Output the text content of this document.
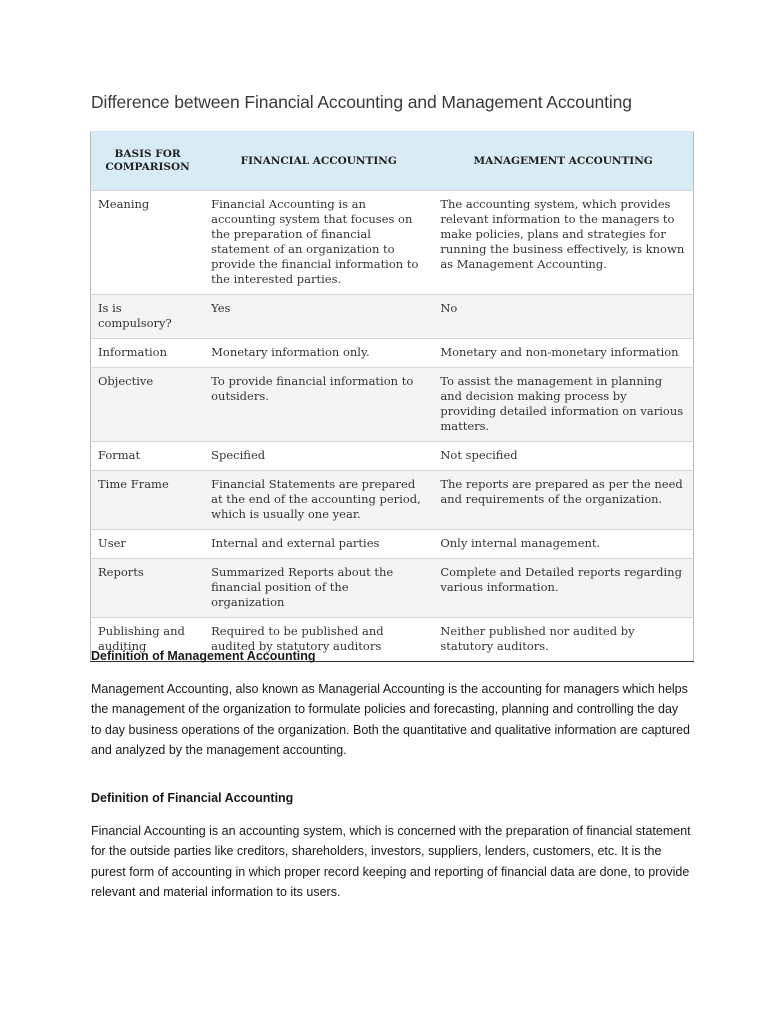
Difference between Financial Accounting and Management Accounting
BASIS FOR COMPARISON	FINANCIAL ACCOUNTING	MANAGEMENT ACCOUNTING
Meaning	Financial Accounting is an accounting system that focuses on the preparation of financial statement of an organization to provide the financial information to the interested parties.	The accounting system, which provides relevant information to the managers to make policies, plans and strategies for running the business effectively, is known as Management Accounting.
Is is compulsory?	Yes	No
Information	Monetary information only.	Monetary and non-monetary information
Objective	To provide financial information to outsiders.	To assist the management in planning and decision making process by providing detailed information on various matters.
Format	Specified	Not specified
Time Frame	Financial Statements are prepared at the end of the accounting period, which is usually one year.	The reports are prepared as per the need and requirements of the organization.
User	Internal and external parties	Only internal management.
Reports	Summarized Reports about the financial position of the organization	Complete and Detailed reports regarding various information.
Publishing and auditing	Required to be published and audited by statutory auditors	Neither published nor audited by statutory auditors.
Definition of Management Accounting

Management Accounting, also known as Managerial Accounting is the accounting for managers which helps the management of the organization to formulate policies and forecasting, planning and controlling the day to day business operations of the organization. Both the quantitative and qualitative information are captured and analyzed by the management accounting.

Definition of Financial Accounting

Financial Accounting is an accounting system, which is concerned with the preparation of financial statement for the outside parties like creditors, shareholders, investors, suppliers, lenders, customers, etc. It is the purest form of accounting in which proper record keeping and reporting of financial data are done, to provide relevant and material information to its users.
